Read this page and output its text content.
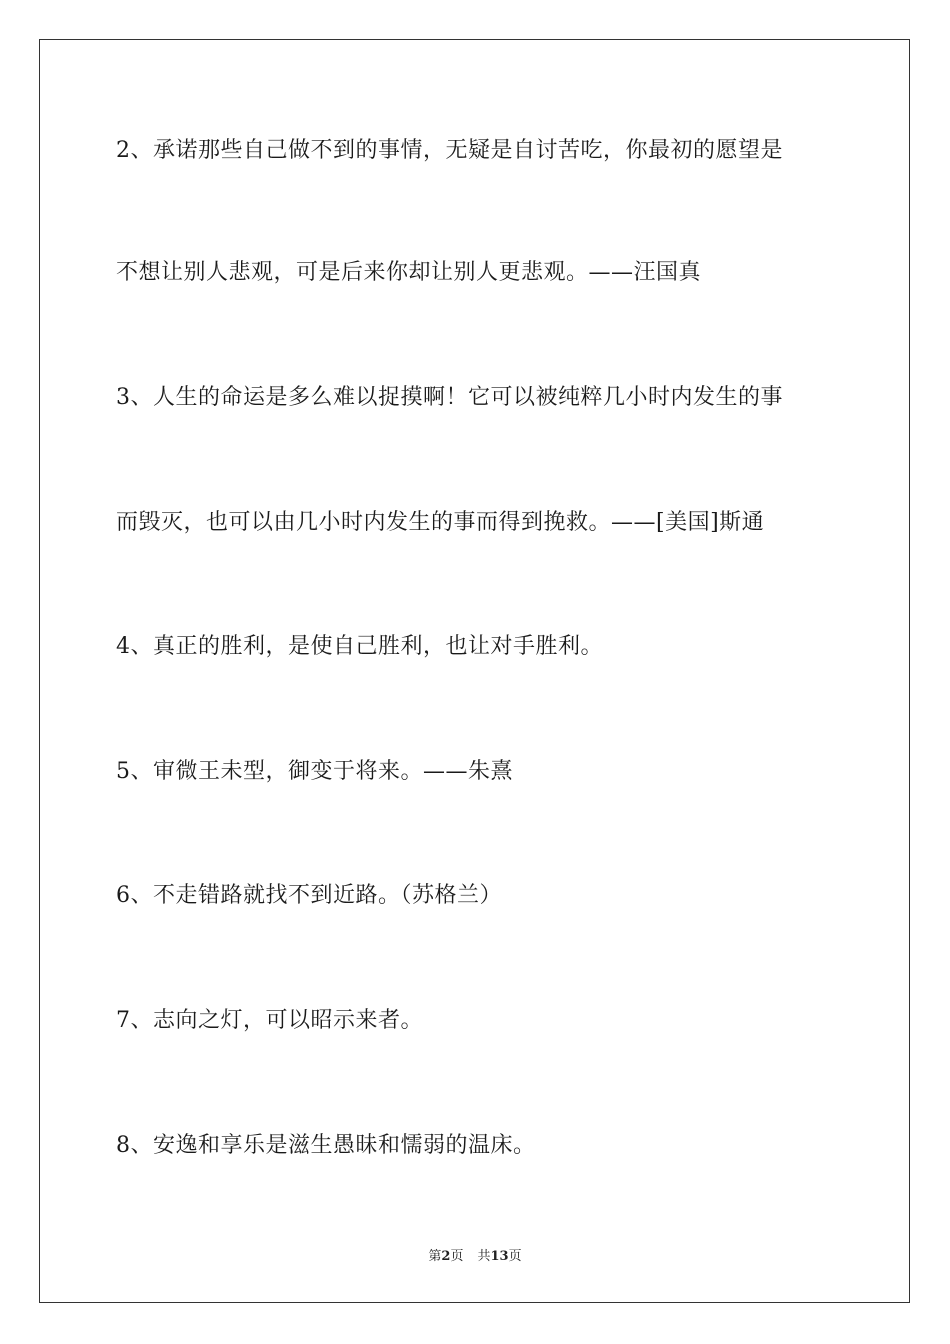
2、承诺那些自己做不到的事情，无疑是自讨苦吃，你最初的愿望是
不想让别人悲观，可是后来你却让别人更悲观。——汪国真
3、人生的命运是多么难以捉摸啊！它可以被纯粹几小时内发生的事
而毁灭，也可以由几小时内发生的事而得到挽救。——[美国]斯通
4、真正的胜利，是使自己胜利，也让对手胜利。
5、审微王未型，御变于将来。——朱熹
6、不走错路就找不到近路。（苏格兰）
7、志向之灯，可以昭示来者。
8、安逸和享乐是滋生愚昧和懦弱的温床。
第2页 共13页
